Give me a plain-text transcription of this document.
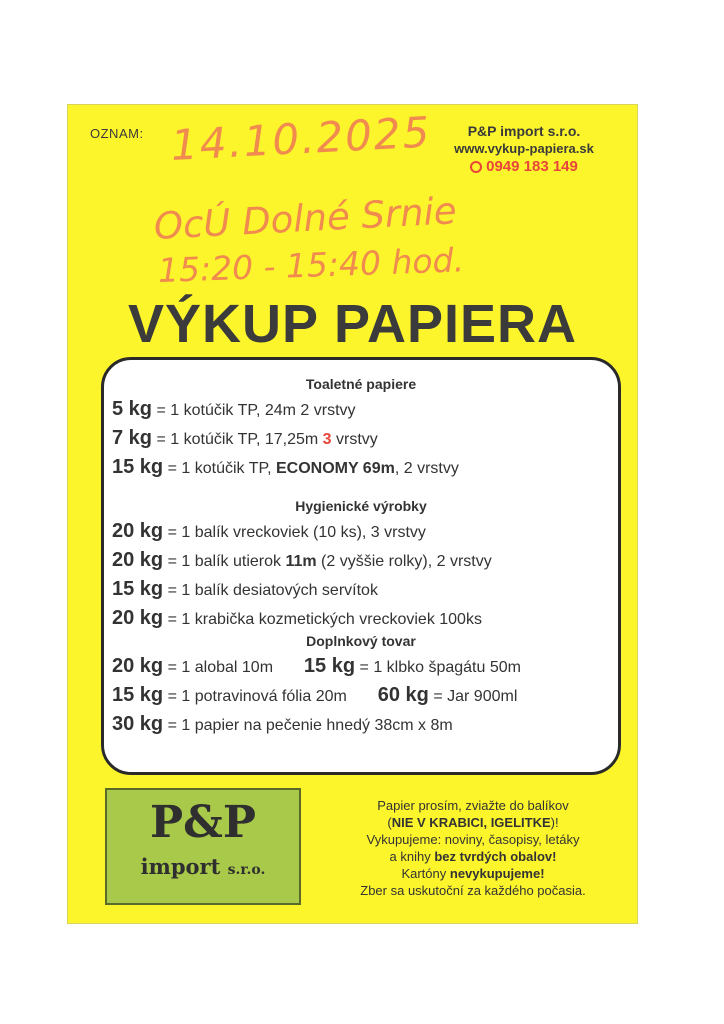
OZNAM: 14.10.2025
OcÚ Dolné Srnie
15:20 - 15:40 hod.
P&P import s.r.o.
www.vykup-papiera.sk
0949 183 149
VÝKUP PAPIERA
Toaletné papiere
5 kg = 1 kotúčik TP, 24m 2 vrstvy
7 kg = 1 kotúčik TP, 17,25m 3 vrstvy
15 kg = 1 kotúčik TP, ECONOMY 69m, 2 vrstvy
Hygienické výrobky
20 kg = 1 balík vreckoviek (10 ks), 3 vrstvy
20 kg = 1 balík utierok 11m (2 vyššie rolky), 2 vrstvy
15 kg = 1 balík desiatových servítok
20 kg = 1 krabička kozmetických vreckoviek 100ks
Doplnkový tovar
20 kg = 1 alobal 10m 15 kg = 1 klbko špagátu 50m
15 kg = 1 potravinová fólia 20m 60 kg = Jar 900ml
30 kg = 1 papier na pečenie hnedý 38cm x 8m
P&P
import s.r.o.
Papier prosím, zviažte do balíkov
(NIE V KRABICI, IGELITKE)!
Vykupujeme: noviny, časopisy, letáky
a knihy bez tvrdých obalov!
Kartóny nevykupujeme!
Zber sa uskutoční za každého počasia.
